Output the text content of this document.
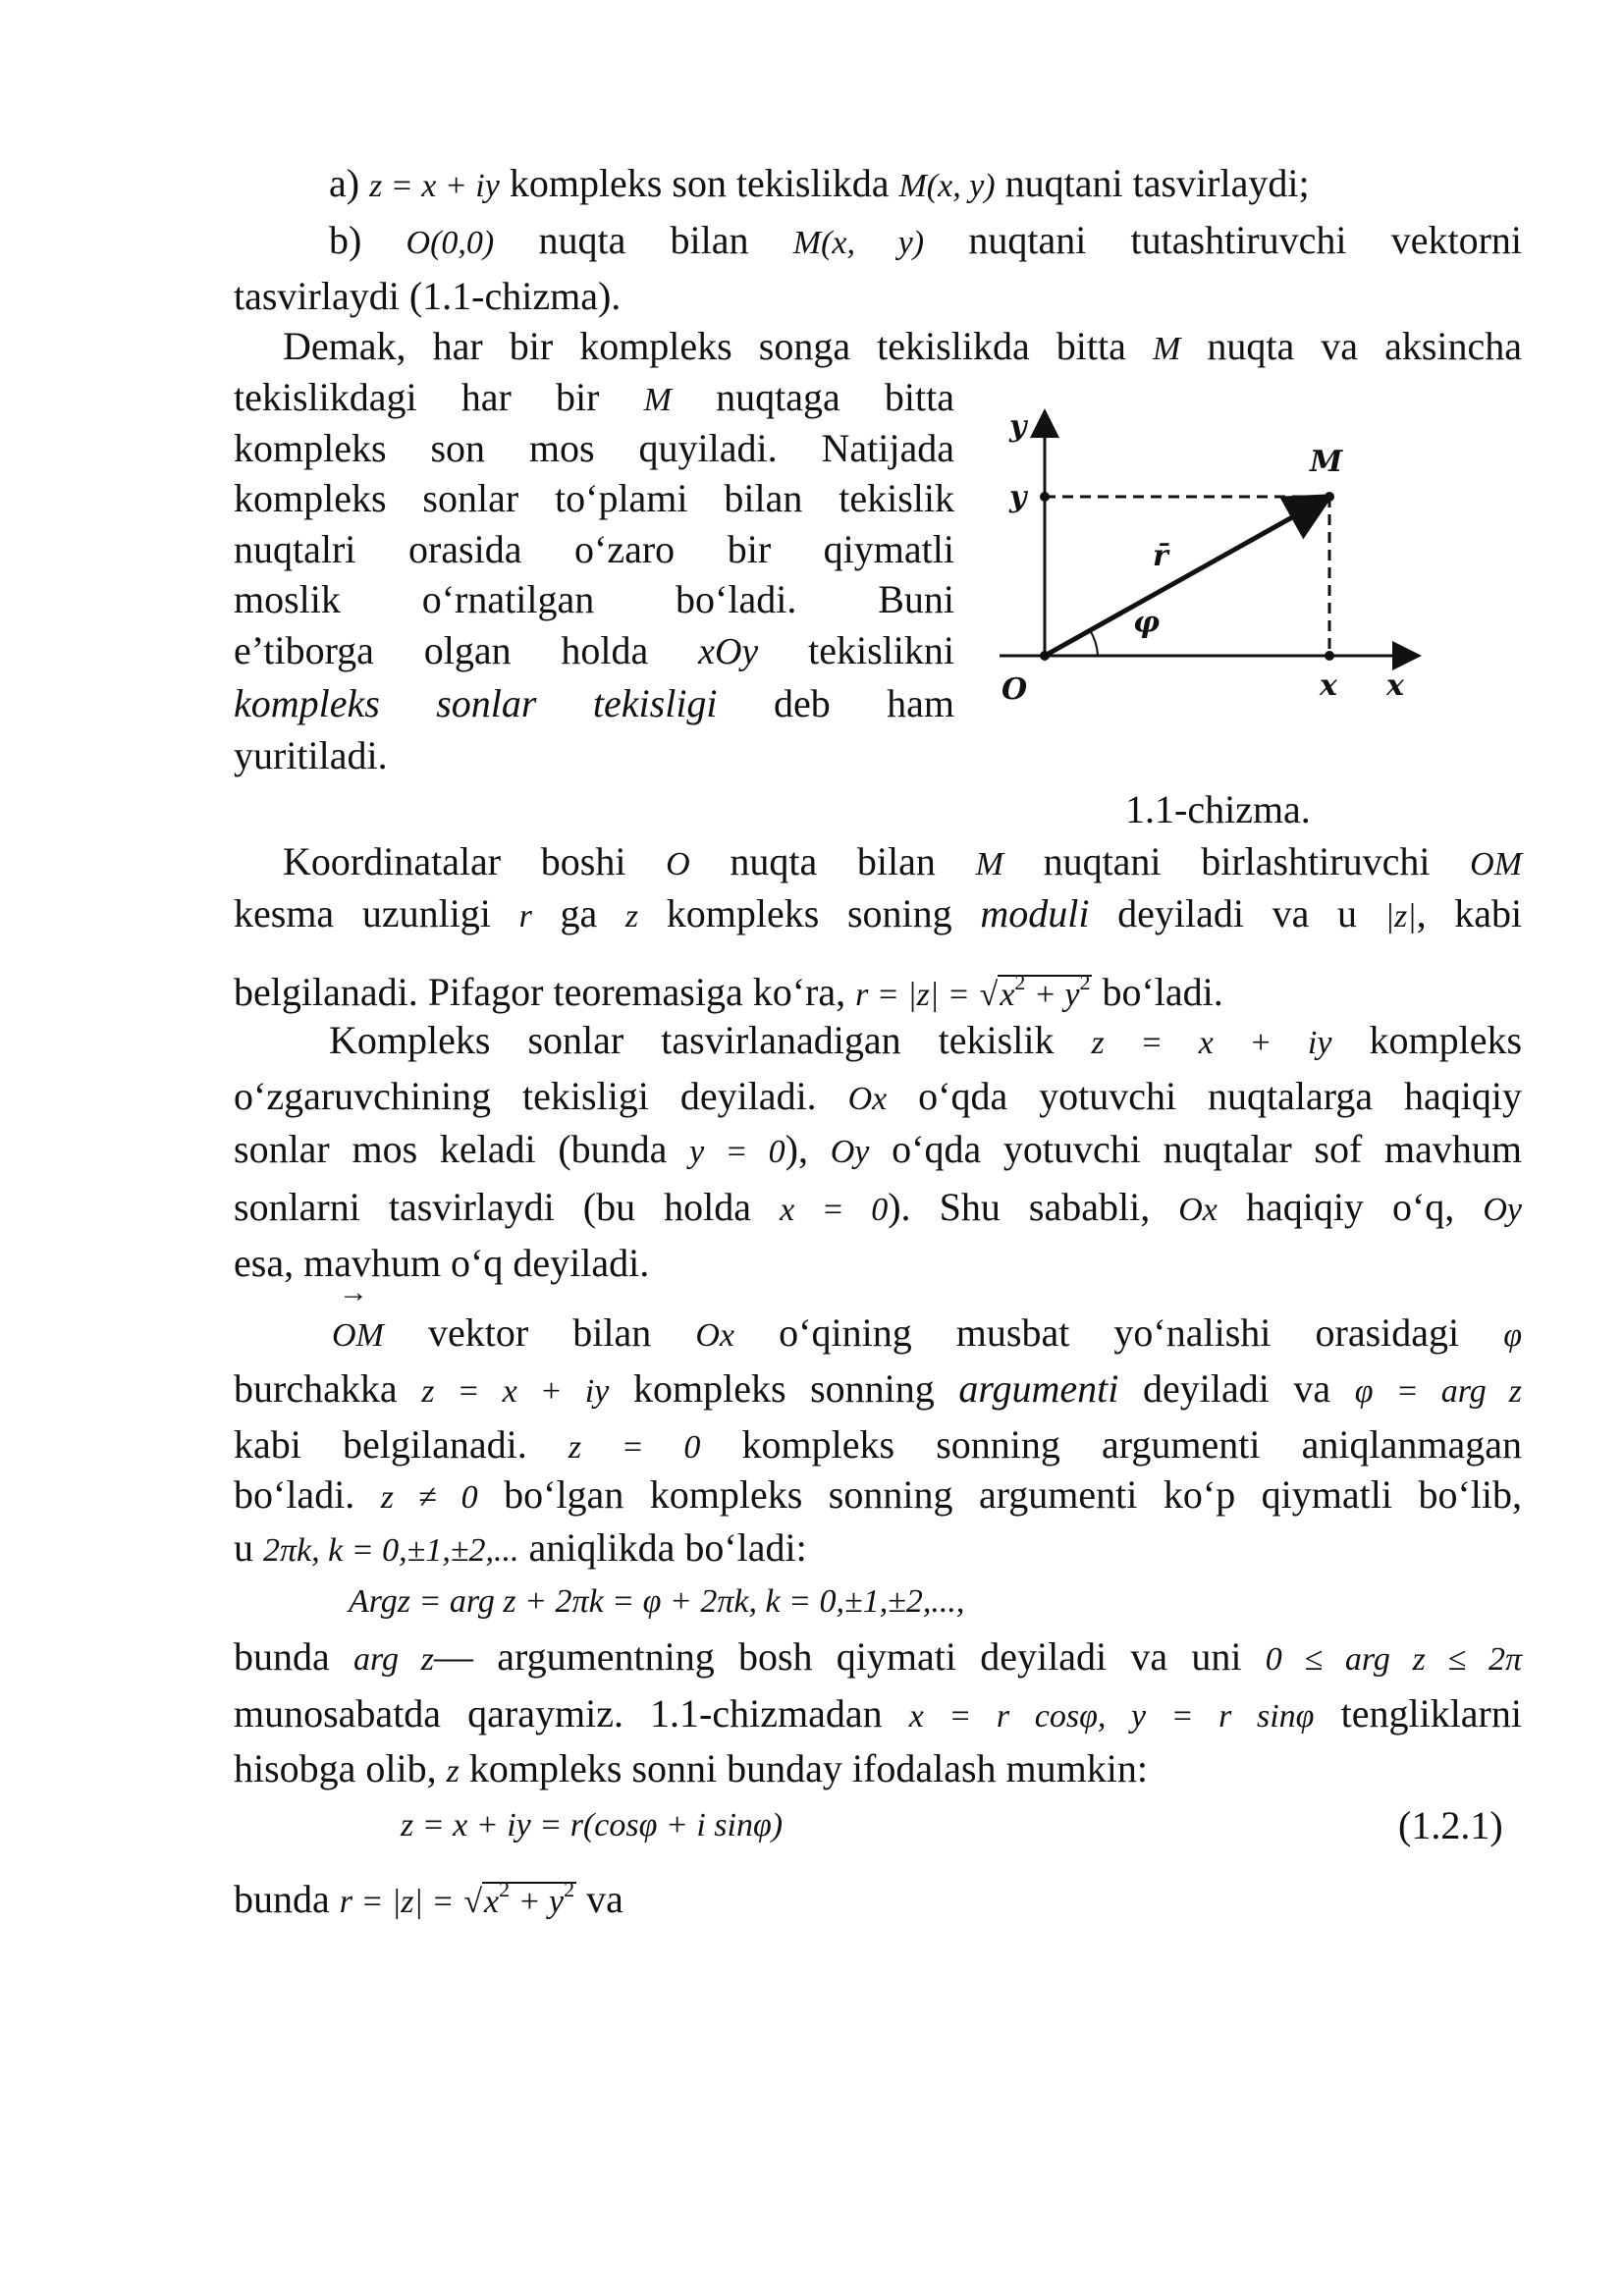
a) z = x + iy kompleks son tekislikda M(x, y) nuqtani tasvirlaydi;
b) O(0,0) nuqta bilan M(x, y) nuqtani tutashtiruvchi vektorni
tasvirlaydi (1.1-chizma).
Demak, har bir kompleks songa tekislikda bitta M nuqta va aksincha
tekislikdagi har bir M nuqtaga bitta
kompleks son mos quyiladi. Natijada
kompleks sonlar to‘plami bilan tekislik
nuqtalri orasida o‘zaro bir qiymatli
moslik o‘rnatilgan bo‘ladi. Buni
e’tiborga olgan holda xOy tekislikni
kompleks sonlar tekisligi deb ham
yuritiladi.
y
y
M
r̄
φ
O	x x
1.1-chizma.
Koordinatalar boshi O nuqta bilan M nuqtani birlashtiruvchi OM
kesma uzunligi r ga z kompleks soning moduli deyiladi va u |z|, kabi
belgilanadi. Pifagor teoremasiga ko‘ra, $r = |z| = √x^2 + y^2$ bo‘ladi.
Kompleks sonlar tasvirlanadigan tekislik z = x + iy kompleks
o‘zgaruvchining tekisligi deyiladi. Ox o‘qda yotuvchi nuqtalarga haqiqiy
sonlar mos keladi (bunda y = 0), Oy o‘qda yotuvchi nuqtalar sof mavhum
sonlarni tasvirlaydi (bu holda x = 0). Shu sababli, Ox haqiqiy o‘q, Oy
esa, mavhum o‘q deyiladi.
→
OM vektor bilan Ox o‘qining musbat yo‘nalishi orasidagi φ
burchakka z = x + iy kompleks sonning argumenti deyiladi va φ = arg z
kabi belgilanadi. z = 0 kompleks sonning argumenti aniqlanmagan
bo‘ladi. z ≠ 0 bo‘lgan kompleks sonning argumenti ko‘p qiymatli bo‘lib,
u 2πk, k = 0,±1,±2,... aniqlikda bo‘ladi:
Argz = arg z + 2πk = φ + 2πk, k = 0,±1,±2,...,
bunda arg z— argumentning bosh qiymati deyiladi va uni 0 ≤ arg z ≤ 2π
munosabatda qaraymiz. 1.1-chizmadan x = r cosφ, y = r sinφ tengliklarni
hisobga olib, z kompleks sonni bunday ifodalash mumkin:
z = x + iy = r(cosφ + i sinφ)	(1.2.1)
bunda $r = |z| = √x^2 + y^2$ va
